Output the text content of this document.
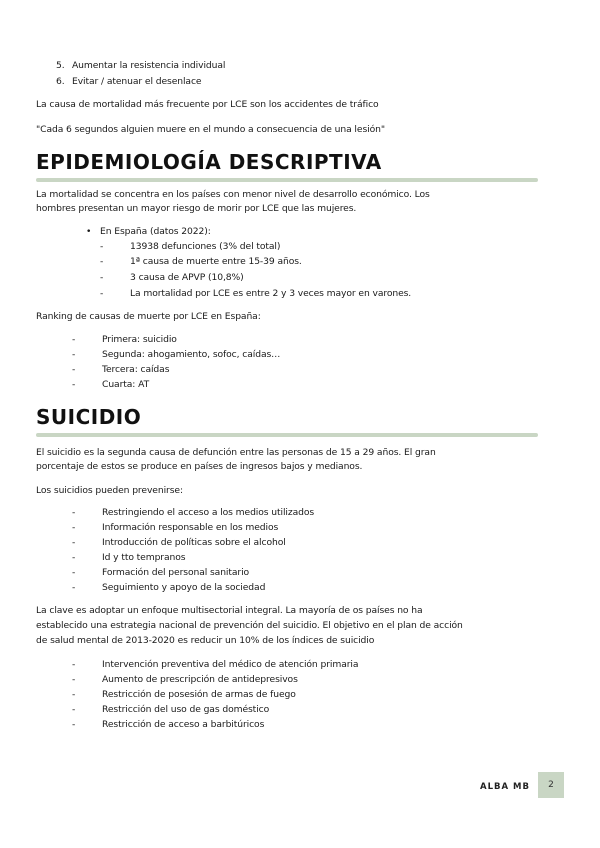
5. Aumentar la resistencia individual
6. Evitar / atenuar el desenlace
La causa de mortalidad más frecuente por LCE son los accidentes de tráfico
"Cada 6 segundos alguien muere en el mundo a consecuencia de una lesión"
EPIDEMIOLOGÍA DESCRIPTIVA
La mortalidad se concentra en los países con menor nivel de desarrollo económico. Los
hombres presentan un mayor riesgo de morir por LCE que las mujeres.
• En España (datos 2022):
-	13938 defunciones (3% del total)
-	1ª causa de muerte entre 15-39 años.
-	3 causa de APVP (10,8%)
-	La mortalidad por LCE es entre 2 y 3 veces mayor en varones.
Ranking de causas de muerte por LCE en España:
-	Primera: suicidio
-	Segunda: ahogamiento, sofoc, caídas…
-	Tercera: caídas
-	Cuarta: AT
SUICIDIO
El suicidio es la segunda causa de defunción entre las personas de 15 a 29 años. El gran
porcentaje de estos se produce en países de ingresos bajos y medianos.
Los suicidios pueden prevenirse:
-	Restringiendo el acceso a los medios utilizados
-	Información responsable en los medios
-	Introducción de políticas sobre el alcohol
-	Id y tto tempranos
-	Formación del personal sanitario
-	Seguimiento y apoyo de la sociedad
La clave es adoptar un enfoque multisectorial integral. La mayoría de os países no ha
establecido una estrategia nacional de prevención del suicidio. El objetivo en el plan de acción
de salud mental de 2013-2020 es reducir un 10% de los índices de suicidio
-	Intervención preventiva del médico de atención primaria
-	Aumento de prescripción de antidepresivos
-	Restricción de posesión de armas de fuego
-	Restricción del uso de gas doméstico
-	Restricción de acceso a barbitúricos
ALBA MB 2
